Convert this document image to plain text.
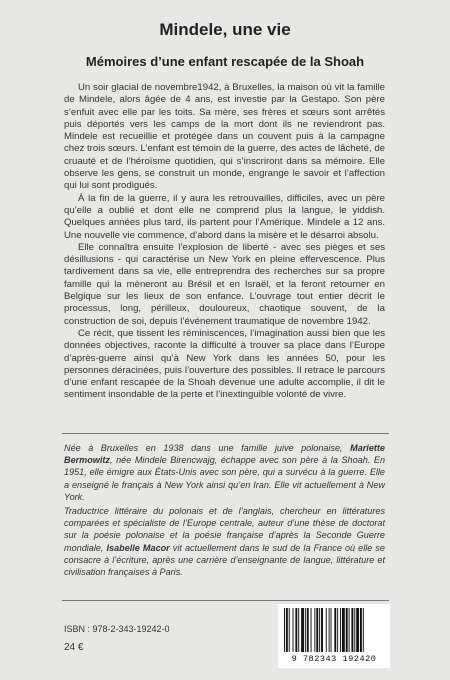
Mindele, une vie
Mémoires d’une enfant rescapée de la Shoah

Un soir glacial de novembre1942, à Bruxelles, la maison où vit la famille de Mindele, alors âgée de 4 ans, est investie par la Gestapo. Son père s’enfuit avec elle par les toits. Sa mère, ses frères et sœurs sont arrêtés puis déportés vers les camps de la mort dont ils ne reviendront pas. Mindele est recueillie et protégée dans un couvent puis à la campagne chez trois sœurs. L’enfant est témoin de la guerre, des actes de lâcheté, de cruauté et de l’héroïsme quotidien, qui s’inscriront dans sa mémoire. Elle observe les gens, se construit un monde, engrange le savoir et l’affection qui lui sont prodigués.

À la fin de la guerre, il y aura les retrouvailles, difficiles, avec un père qu’elle a oublié et dont elle ne comprend plus la langue, le yiddish. Quelques années plus tard, ils partent pour l’Amérique. Mindele a 12 ans. Une nouvelle vie commence, d’abord dans la misère et le désarroi absolu.

Elle connaîtra ensuite l’explosion de liberté - avec ses pièges et ses désillusions - qui caractérise un New York en pleine effervescence. Plus tardivement dans sa vie, elle entreprendra des recherches sur sa propre famille qui la mèneront au Brésil et en Israël, et la feront retourner en Belgique sur les lieux de son enfance. L’ouvrage tout entier décrit le processus, long, périlleux, douloureux, chaotique souvent, de la construction de soi, depuis l’événement traumatique de novembre 1942.

Ce récit, que tissent les réminiscences, l’imagination aussi bien que les données objectives, raconte la difficulté à trouver sa place dans l’Europe d’après-guerre ainsi qu’à New York dans les années 50, pour les personnes déracinées, puis l’ouverture des possibles. Il retrace le parcours d’une enfant rescapée de la Shoah devenue une adulte accomplie, il dit le sentiment insondable de la perte et l’inextinguible volonté de vivre.

Née à Bruxelles en 1938 dans une famille juive polonaise, Mariette Bermowitz, née Mindele Birencwajg, échappe avec son père à la Shoah. En 1951, elle émigre aux États-Unis avec son père, qui a survécu à la guerre. Elle a enseigné le français à New York ainsi qu’en Iran. Elle vit actuellement à New York.

Traductrice littéraire du polonais et de l’anglais, chercheur en littératures comparées et spécialiste de l’Europe centrale, auteur d’une thèse de doctorat sur la poésie polonaise et la poésie française d’après la Seconde Guerre mondiale, Isabelle Macor vit actuellement dans le sud de la France où elle se consacre à l’écriture, après une carrière d’enseignante de langue, littérature et civilisation françaises à Paris.

ISBN : 978-2-343-19242-0
24 €
9 782343 192420
